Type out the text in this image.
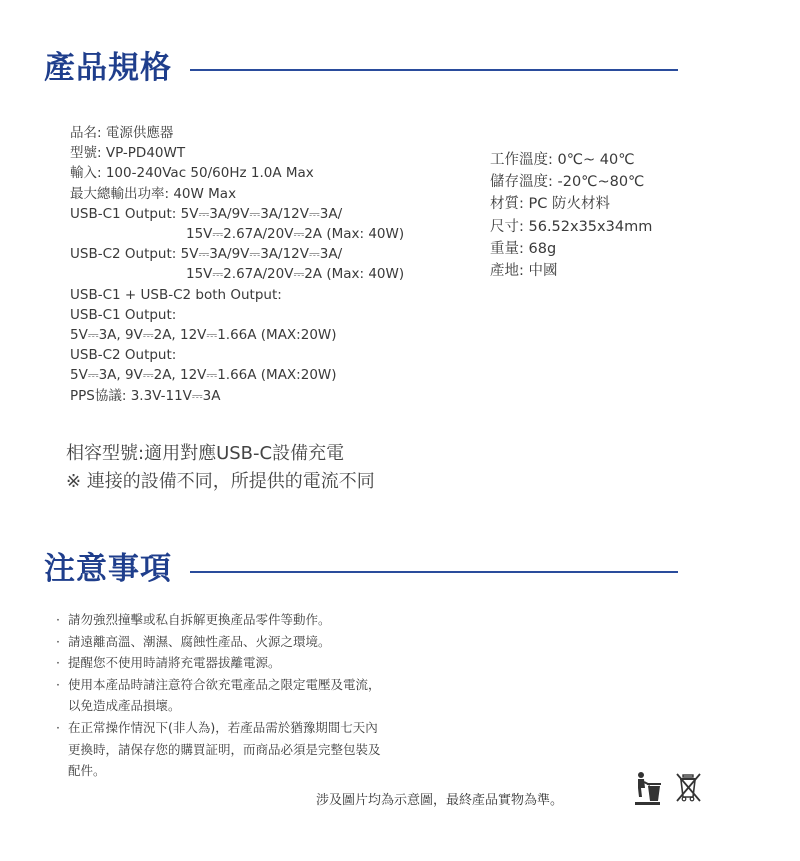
產品規格
品名: 電源供應器
型號: VP-PD40WT
輸入: 100-240Vac 50/60Hz 1.0A Max
最大總輸出功率: 40W Max
USB-C1 Output: 5V⎓3A/9V⎓3A/12V⎓3A/
15V⎓2.67A/20V⎓2A (Max: 40W)
USB-C2 Output: 5V⎓3A/9V⎓3A/12V⎓3A/
15V⎓2.67A/20V⎓2A (Max: 40W)
USB-C1 + USB-C2 both Output:
USB-C1 Output:
5V⎓3A, 9V⎓2A, 12V⎓1.66A (MAX:20W)
USB-C2 Output:
5V⎓3A, 9V⎓2A, 12V⎓1.66A (MAX:20W)
PPS協議: 3.3V-11V⎓3A
工作溫度: 0℃~ 40℃
儲存溫度: -20℃~80℃
材質: PC 防火材料
尺寸: 56.52x35x34mm
重量: 68g
產地: 中國
相容型號:適用對應USB-C設備充電
※ 連接的設備不同，所提供的電流不同
注意事項
· 請勿強烈撞擊或私自拆解更換產品零件等動作。
· 請遠離高溫、潮濕、腐蝕性產品、火源之環境。
· 提醒您不使用時請將充電器拔離電源。
· 使用本產品時請注意符合欲充電產品之限定電壓及電流，
以免造成產品損壞。
· 在正常操作情況下(非人為)，若產品需於猶豫期間七天內
更換時，請保存您的購買証明，而商品必須是完整包裝及
配件。
涉及圖片均為示意圖，最終產品實物為準。
